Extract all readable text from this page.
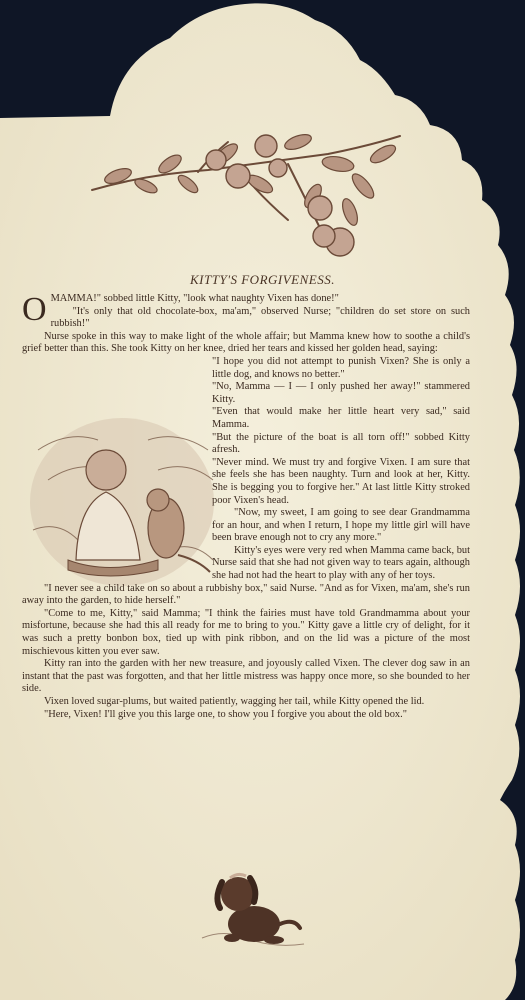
KITTY'S FORGIVENESS.
O MAMMA!" sobbed little Kitty, "look what naughty Vixen has done!"

"It's only that old chocolate-box, ma'am," observed Nurse; "children do set store on such rubbish!"

Nurse spoke in this way to make light of the whole affair; but Mamma knew how to soothe a child's grief better than this. She took Kitty on her knee, dried her tears and kissed her golden head, saying:

"I hope you did not attempt to punish Vixen? She is only a little dog, and knows no better."

"No, Mamma — I — I only pushed her away!" stammered Kitty.

"Even that would make her little heart very sad," said Mamma.

"But the picture of the boat is all torn off!" sobbed Kitty afresh.

"Never mind. We must try and forgive Vixen. I am sure that she feels she has been naughty. Turn and look at her, Kitty. She is begging you to forgive her." At last little Kitty stroked poor Vixen's head.

"Now, my sweet, I am going to see dear Grandmamma for an hour, and when I return, I hope my little girl will have been brave enough not to cry any more."

Kitty's eyes were very red when Mamma came back, but Nurse said that she had not given way to tears again, although she had not had the heart to play with any of her toys.

"I never see a child take on so about a rubbishy box," said Nurse. "And as for Vixen, ma'am, she's run away into the garden, to hide herself."

"Come to me, Kitty," said Mamma; "I think the fairies must have told Grandmamma about your misfortune, because she had this all ready for me to bring to you." Kitty gave a little cry of delight, for it was such a pretty bonbon box, tied up with pink ribbon, and on the lid was a picture of the most mischievous kitten you ever saw.

Kitty ran into the garden with her new treasure, and joyously called Vixen. The clever dog saw in an instant that the past was forgotten, and that her little mistress was happy once more, so she bounded to her side.

Vixen loved sugar-plums, but waited patiently, wagging her tail, while Kitty opened the lid.

"Here, Vixen! I'll give you this large one, to show you I forgive you about the old box."
